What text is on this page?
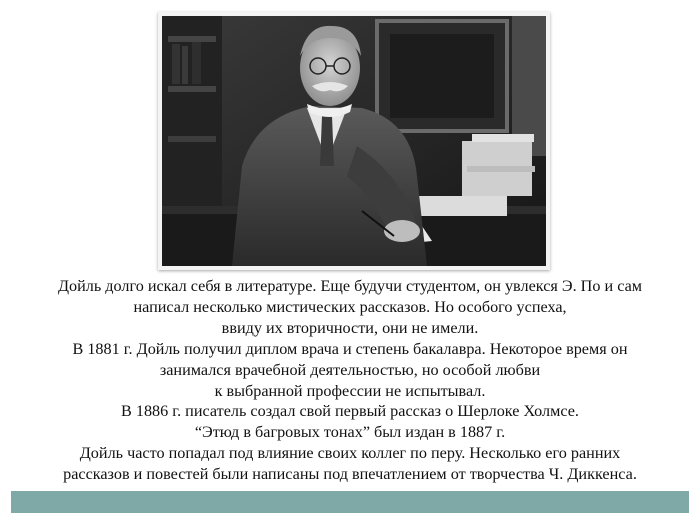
Дойль долго искал себя в литературе. Еще будучи студентом, он увлекся Э. По и сам
написал несколько мистических рассказов. Но особого успеха,
ввиду их вторичности, они не имели.
В 1881 г. Дойль получил диплом врача и степень бакалавра. Некоторое время он
занимался врачебной деятельностью, но особой любви
к выбранной профессии не испытывал.
В 1886 г. писатель создал свой первый рассказ о Шерлоке Холмсе.
“Этюд в багровых тонах” был издан в 1887 г.
Дойль часто попадал под влияние своих коллег по перу. Несколько его ранних
рассказов и повестей были написаны под впечатлением от творчества Ч. Диккенса.
